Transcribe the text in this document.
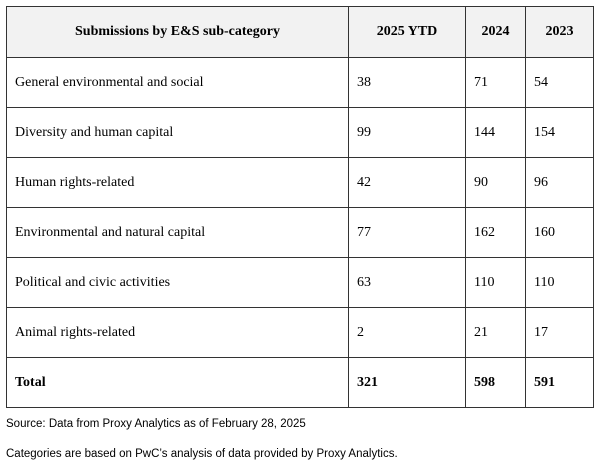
Submissions by E&S sub-category	2025 YTD	2024	2023
General environmental and social	38	71	54
Diversity and human capital	99	144	154
Human rights-related	42	90	96
Environmental and natural capital	77	162	160
Political and civic activities	63	110	110
Animal rights-related	2	21	17
Total	321	598	591

Source: Data from Proxy Analytics as of February 28, 2025

Categories are based on PwC’s analysis of data provided by Proxy Analytics.
